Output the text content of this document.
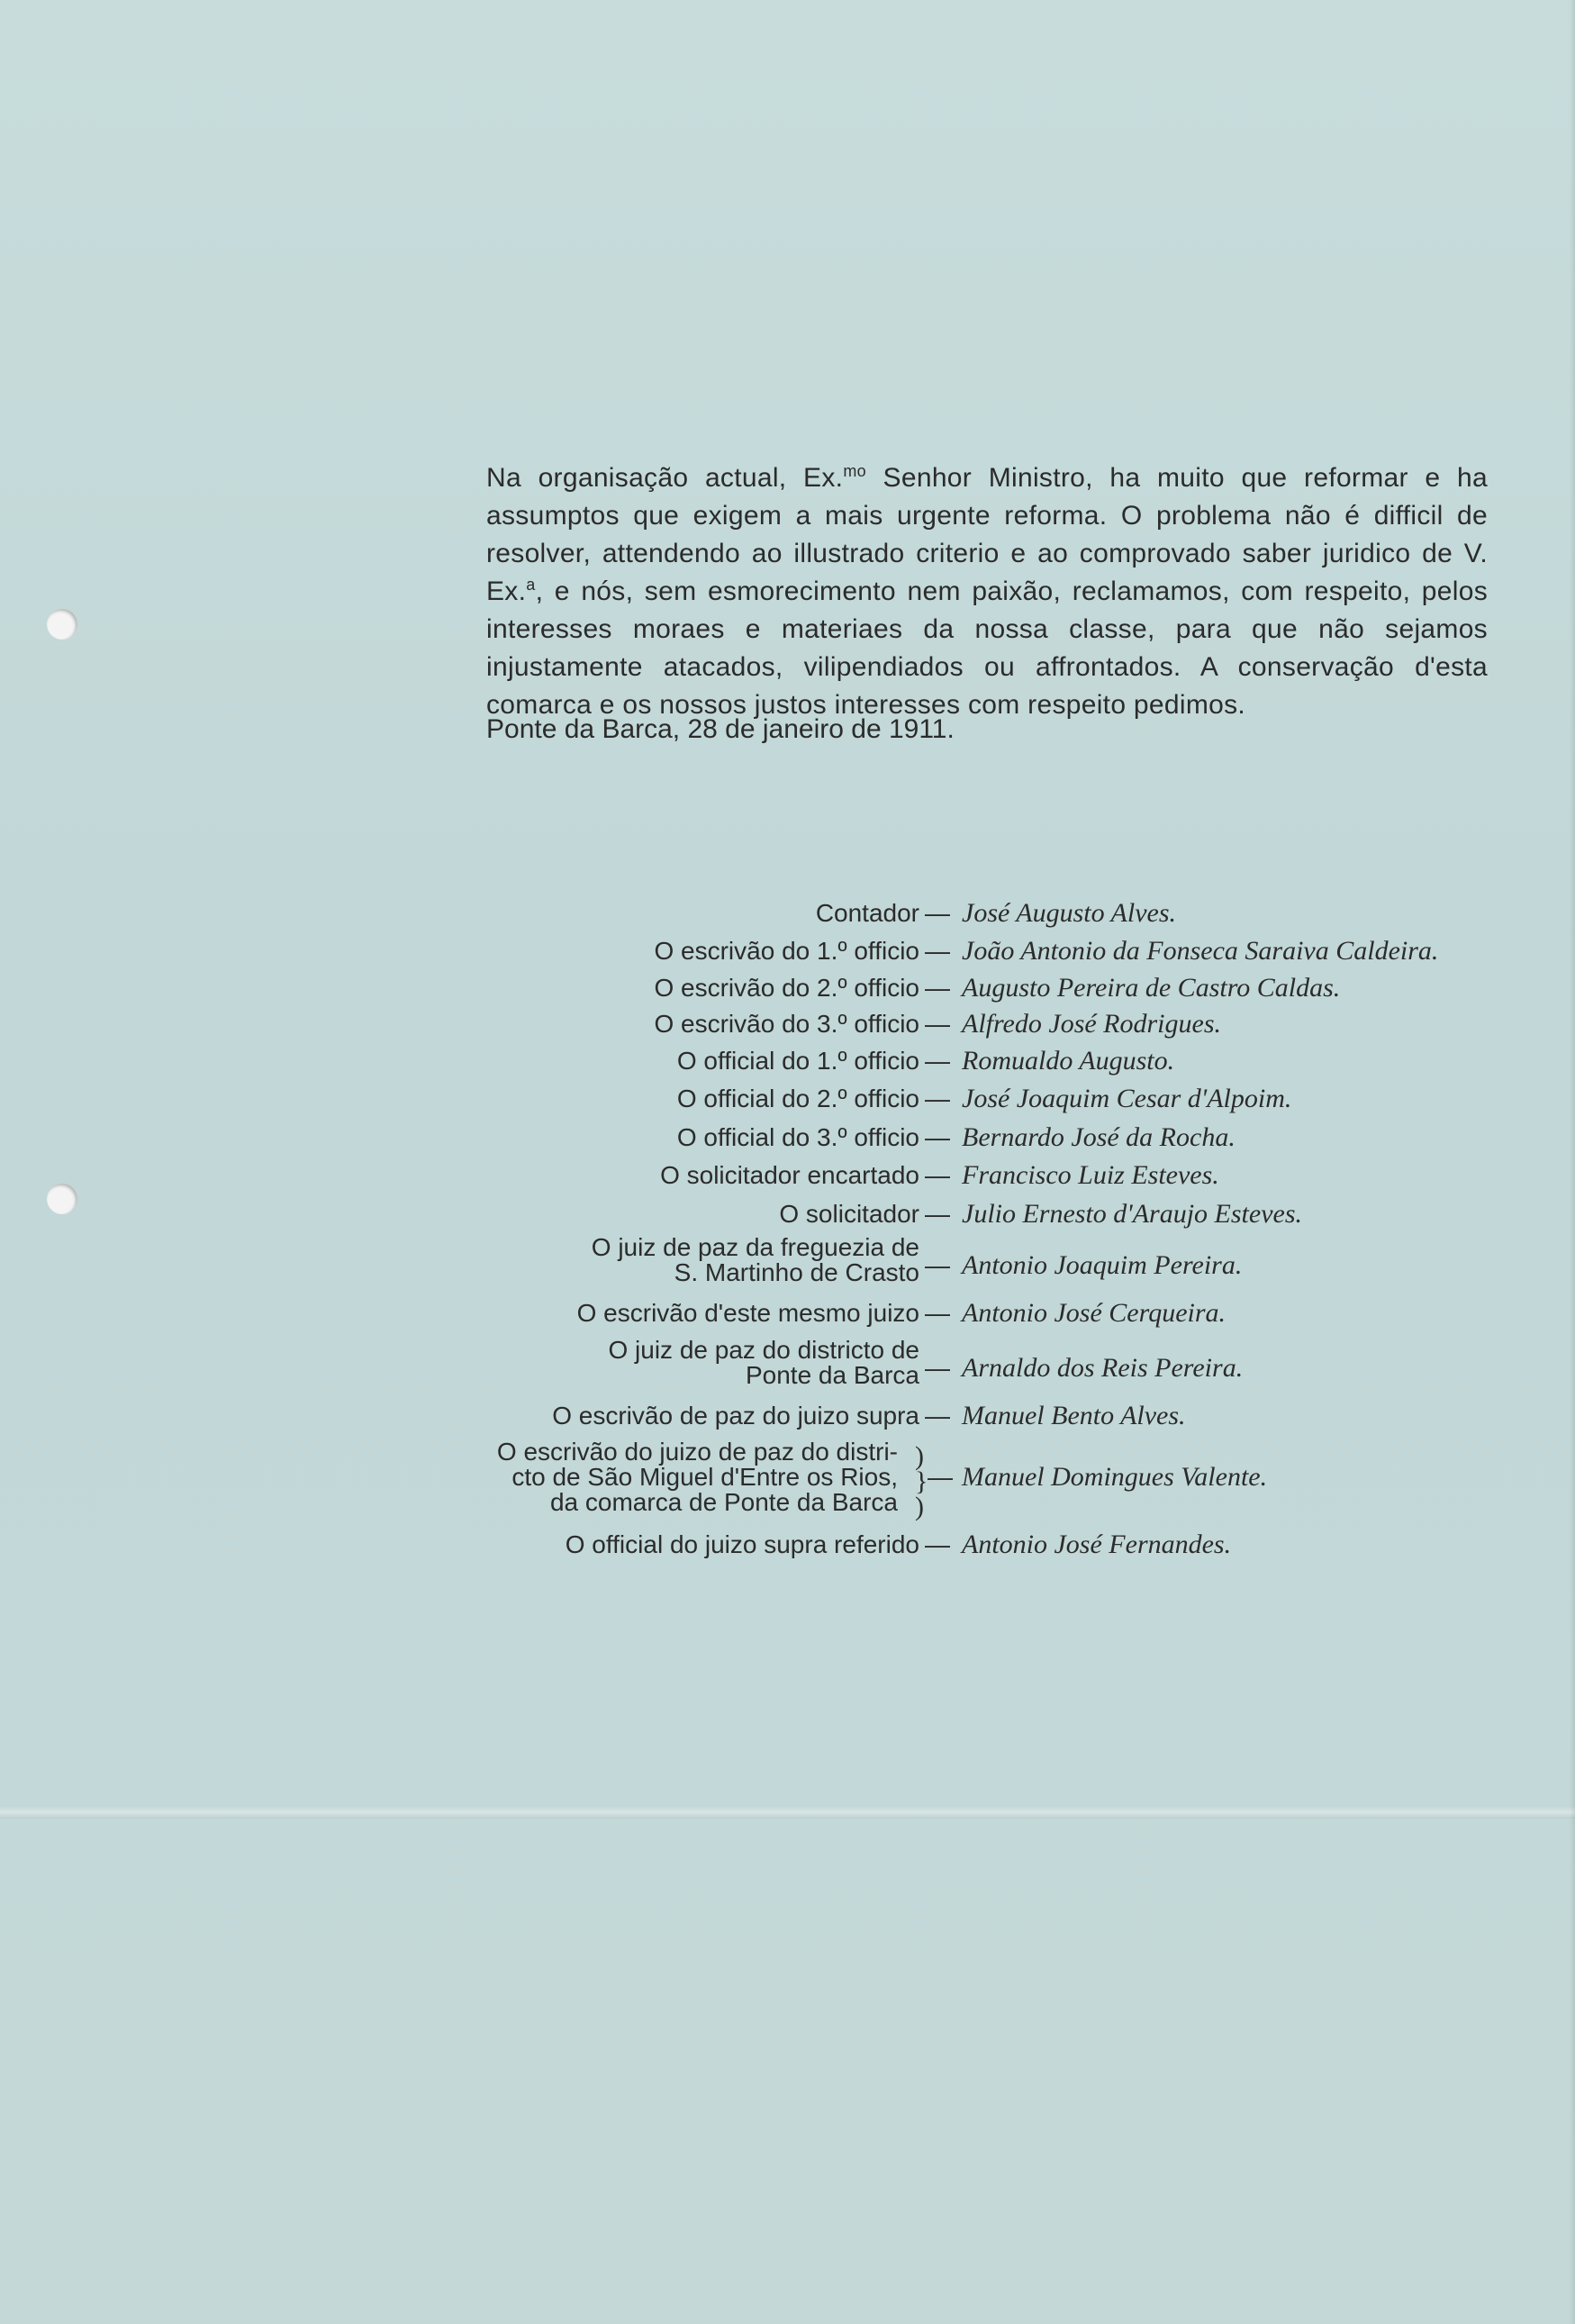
Na organisação actual, Ex.$^{mo}$ Senhor Ministro, ha muito que reformar e ha assumptos que exigem a mais urgente reforma. O problema não é difficil de resolver, attendendo ao illustrado criterio e ao comprovado saber juridico de V. Ex.$^a$, e nós, sem esmorecimento nem paixão, reclamamos, com respeito, pelos interesses moraes e materiaes da nossa classe, para que não sejamos injustamente atacados, vilipendiados ou affrontados. A conservação d'esta comarca e os nossos justos interesses com respeito pedimos.

Ponte da Barca, 28 de janeiro de 1911.

Contador — José Augusto Alves.
O escrivão do 1.º officio — João Antonio da Fonseca Saraiva Caldeira.
O escrivão do 2.º officio — Augusto Pereira de Castro Caldas.
O escrivão do 3.º officio — Alfredo José Rodrigues.
O official do 1.º officio — Romualdo Augusto.
O official do 2.º officio — José Joaquim Cesar d'Alpoim.
O official do 3.º officio — Bernardo José da Rocha.
O solicitador encartado — Francisco Luiz Esteves.
O solicitador — Julio Ernesto d'Araujo Esteves.
O juiz de paz da freguezia de
S. Martinho de Crasto — Antonio Joaquim Pereira.
O escrivão d'este mesmo juizo — Antonio José Cerqueira.
O juiz de paz do districto de
Ponte da Barca — Arnaldo dos Reis Pereira.
O escrivão de paz do juizo supra — Manuel Bento Alves.
O escrivão do juizo de paz do distri-
cto de São Miguel d'Entre os Rios,
da comarca de Ponte da Barca
— Manuel Domingues Valente.
)
}
)
O official do juizo supra referido — Antonio José Fernandes.
